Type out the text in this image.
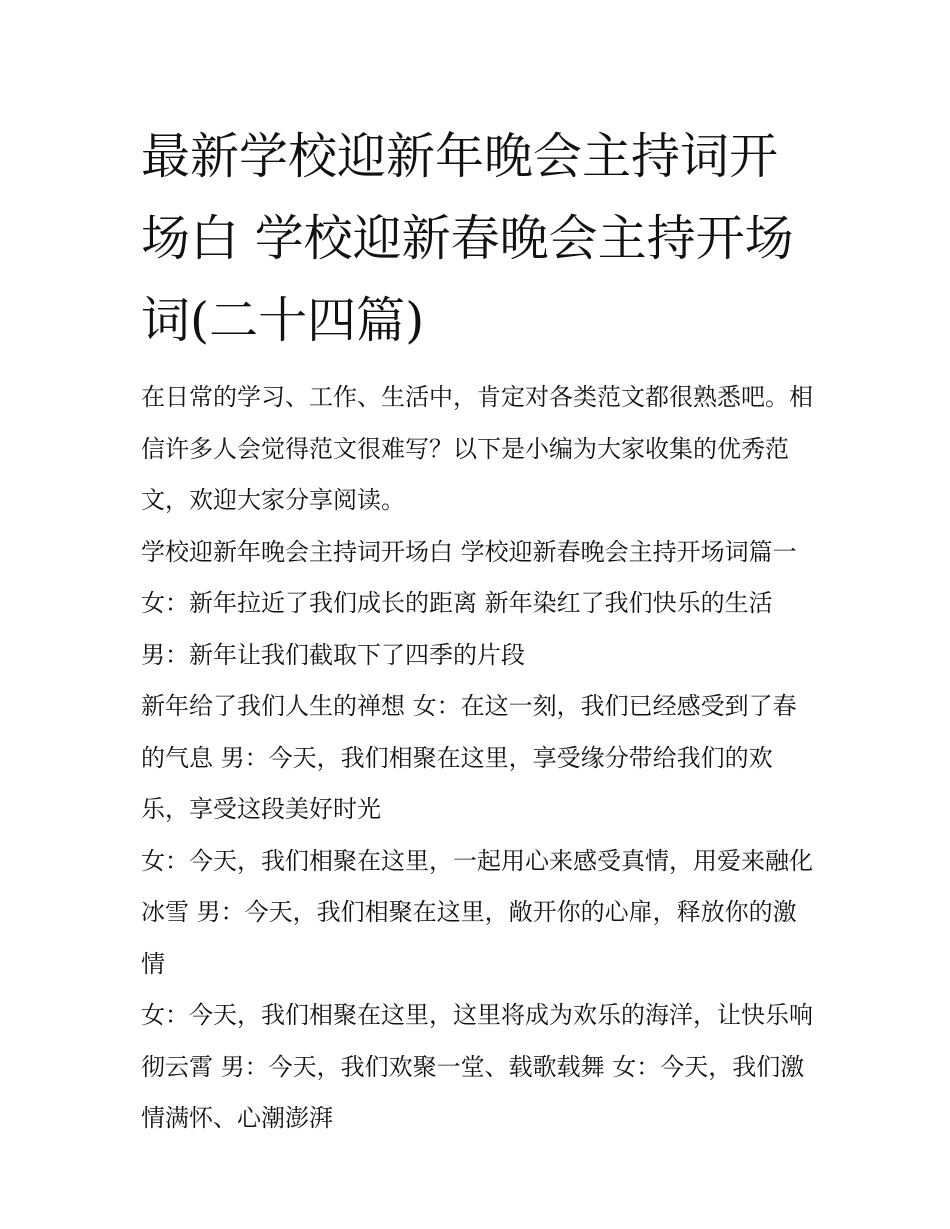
最新学校迎新年晚会主持词开场白 学校迎新春晚会主持开场词(二十四篇)

在日常的学习、工作、生活中，肯定对各类范文都很熟悉吧。相信许多人会觉得范文很难写？以下是小编为大家收集的优秀范文，欢迎大家分享阅读。

学校迎新年晚会主持词开场白 学校迎新春晚会主持开场词篇一 女：新年拉近了我们成长的距离 新年染红了我们快乐的生活 男：新年让我们截取下了四季的片段

新年给了我们人生的禅想 女：在这一刻，我们已经感受到了春的气息 男：今天，我们相聚在这里，享受缘分带给我们的欢乐，享受这段美好时光

女：今天，我们相聚在这里，一起用心来感受真情，用爱来融化冰雪 男：今天，我们相聚在这里，敞开你的心扉，释放你的激情

女：今天，我们相聚在这里，这里将成为欢乐的海洋，让快乐响彻云霄 男：今天，我们欢聚一堂、载歌载舞 女：今天，我们激情满怀、心潮澎湃
